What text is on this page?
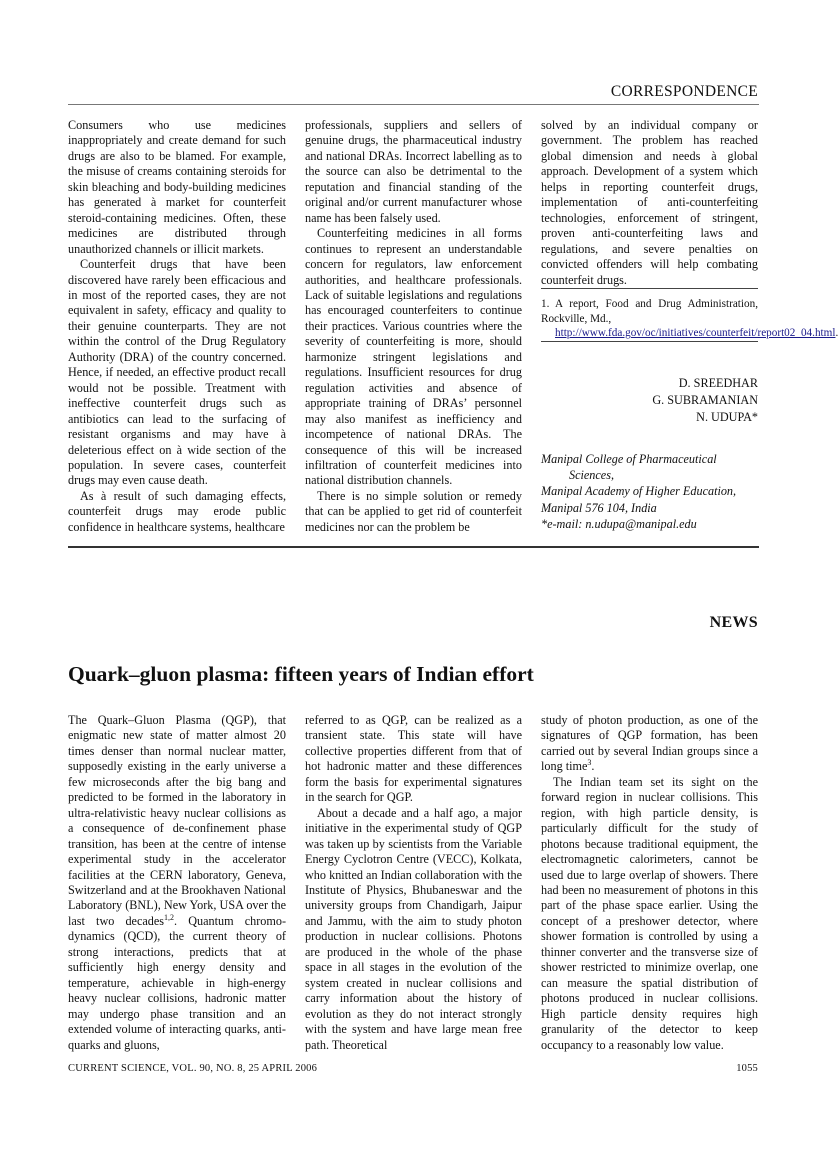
CORRESPONDENCE

Consumers who use medicines inappropriately and create demand for such drugs are also to be blamed. For example, the misuse of creams containing steroids for skin bleaching and body-building medicines has generated à market for counterfeit steroid-containing medicines. Often, these medicines are distributed through unauthorized channels or illicit markets.

Counterfeit drugs that have been discovered have rarely been efficacious and in most of the reported cases, they are not equivalent in safety, efficacy and quality to their genuine counterparts. They are not within the control of the Drug Regulatory Authority (DRA) of the country concerned. Hence, if needed, an effective product recall would not be possible. Treatment with ineffective counterfeit drugs such as antibiotics can lead to the surfacing of resistant organisms and may have à deleterious effect on à wide section of the population. In severe cases, counterfeit drugs may even cause death.

As à result of such damaging effects, counterfeit drugs may erode public confidence in healthcare systems, healthcare

professionals, suppliers and sellers of genuine drugs, the pharmaceutical industry and national DRAs. Incorrect labelling as to the source can also be detrimental to the reputation and financial standing of the original and/or current manufacturer whose name has been falsely used.

Counterfeiting medicines in all forms continues to represent an understandable concern for regulators, law enforcement authorities, and healthcare professionals. Lack of suitable legislations and regulations has encouraged counterfeiters to continue their practices. Various countries where the severity of counterfeiting is more, should harmonize stringent legislations and regulations. Insufficient resources for drug regulation activities and absence of appropriate training of DRAs’ personnel may also manifest as inefficiency and incompetence of national DRAs. The consequence of this will be increased infiltration of counterfeit medicines into national distribution channels.

There is no simple solution or remedy that can be applied to get rid of counterfeit medicines nor can the problem be

solved by an individual company or government. The problem has reached global dimension and needs à global approach. Development of a system which helps in reporting counterfeit drugs, implementation of anti-counterfeiting technologies, enforcement of stringent, proven anti-counterfeiting laws and regulations, and severe penalties on convicted offenders will help combating counterfeit drugs.

1. A report, Food and Drug Administration, Rockville, Md.,
http://www.fda.gov/oc/initiatives/counterfeit/report02_04.html.
D. SREEDHAR
G. SUBRAMANIAN
N. UDUPA*
Manipal College of Pharmaceutical
Sciences,
Manipal Academy of Higher Education,
Manipal 576 104, India
*e-mail: n.udupa@manipal.edu
NEWS
Quark–gluon plasma: fifteen years of Indian effort

The Quark–Gluon Plasma (QGP), that enigmatic new state of matter almost 20 times denser than normal nuclear matter, supposedly existing in the early universe a few microseconds after the big bang and predicted to be formed in the laboratory in ultra-relativistic heavy nuclear collisions as a consequence of de-confinement phase transition, has been at the centre of intense experimental study in the accelerator facilities at the CERN laboratory, Geneva, Switzerland and at the Brookhaven National Laboratory (BNL), New York, USA over the last two decades$^{1,2}$. Quantum chromo-dynamics (QCD), the current theory of strong interactions, predicts that at sufficiently high energy density and temperature, achievable in high-energy heavy nuclear collisions, hadronic matter may undergo phase transition and an extended volume of interacting quarks, anti-quarks and gluons,

referred to as QGP, can be realized as a transient state. This state will have collective properties different from that of hot hadronic matter and these differences form the basis for experimental signatures in the search for QGP.

About a decade and a half ago, a major initiative in the experimental study of QGP was taken up by scientists from the Variable Energy Cyclotron Centre (VECC), Kolkata, who knitted an Indian collaboration with the Institute of Physics, Bhubaneswar and the university groups from Chandigarh, Jaipur and Jammu, with the aim to study photon production in nuclear collisions. Photons are produced in the whole of the phase space in all stages in the evolution of the system created in nuclear collisions and carry information about the history of evolution as they do not interact strongly with the system and have large mean free path. Theoretical

study of photon production, as one of the signatures of QGP formation, has been carried out by several Indian groups since a long time$^3$.

The Indian team set its sight on the forward region in nuclear collisions. This region, with high particle density, is particularly difficult for the study of photons because traditional equipment, the electromagnetic calorimeters, cannot be used due to large overlap of showers. There had been no measurement of photons in this part of the phase space earlier. Using the concept of a preshower detector, where shower formation is controlled by using a thinner converter and the transverse size of shower restricted to minimize overlap, one can measure the spatial distribution of photons produced in nuclear collisions. High particle density requires high granularity of the detector to keep occupancy to a reasonably low value.

CURRENT SCIENCE, VOL. 90, NO. 8, 25 APRIL 2006	1055
